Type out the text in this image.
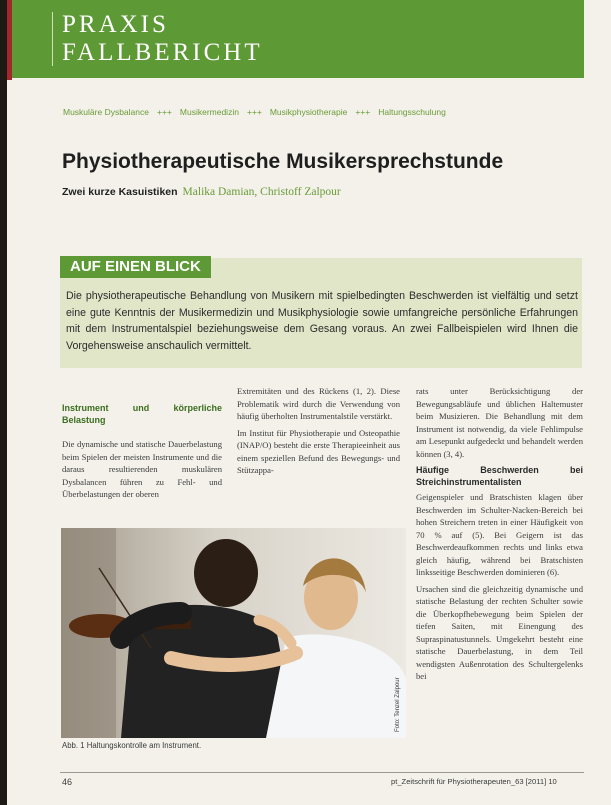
PRAXIS
FALLBERICHT
Muskuläre Dysbalance +++ Musikermedizin +++ Musikphysiotherapie +++ Haltungsschulung
Physiotherapeutische Musikersprechstunde
Zwei kurze Kasuistiken Malika Damian, Christoff Zalpour
AUF EINEN BLICK
Die physiotherapeutische Behandlung von Musikern mit spielbedingten Beschwerden ist vielfältig und setzt eine gute Kenntnis der Musikermedizin und Musikphysiologie sowie umfangreiche persönliche Erfahrungen mit dem Instrumentalspiel beziehungsweise dem Gesang voraus. An zwei Fallbeispielen wird Ihnen die Vorgehensweise anschaulich vermittelt.
Instrument und körperliche Belastung

Die dynamische und statische Dauerbelastung beim Spielen der meisten Instrumente und die daraus resultierenden muskulären Dysbalancen führen zu Fehl- und Überbelastungen der oberen

Extremitäten und des Rückens (1, 2). Diese Problematik wird durch die Verwendung von häufig überholten Instrumentalstile verstärkt.

Im Institut für Physiotherapie und Osteopathie (INAP/O) besteht die erste Therapieeinheit aus einem speziellen Befund des Bewegungs- und Stützappa-

rats unter Berücksichtigung der Bewegungsabläufe und üblichen Haltemuster beim Musizieren. Die Behandlung mit dem Instrument ist notwendig, da viele Fehlimpulse am Lesepunkt aufgedeckt und behandelt werden können (3, 4).

Häufige Beschwerden bei Streichinstrumentalisten

Geigenspieler und Bratschisten klagen über Beschwerden im Schulter-Nacken-Bereich bei hohen Streichern treten in einer Häufigkeit von 70 % auf (5). Bei Geigern ist das Beschwerdeaufkommen rechts und links etwa gleich häufig, während bei Bratschisten linksseitige Beschwerden dominieren (6).

Ursachen sind die gleichzeitig dynamische und statische Belastung der rechten Schulter sowie die Überkopfhebewegung beim Spielen der tiefen Saiten, mit Einengung des Supraspinatustunnels. Umgekehrt besteht eine statische Dauerbelastung, in dem Teil wendigsten Außenrotation des Schultergelenks bei

Foto: Tenzel Zalpour
Abb. 1 Haltungskontrolle am Instrument.
46	pt_Zeitschrift für Physiotherapeuten_63 [2011] 10
